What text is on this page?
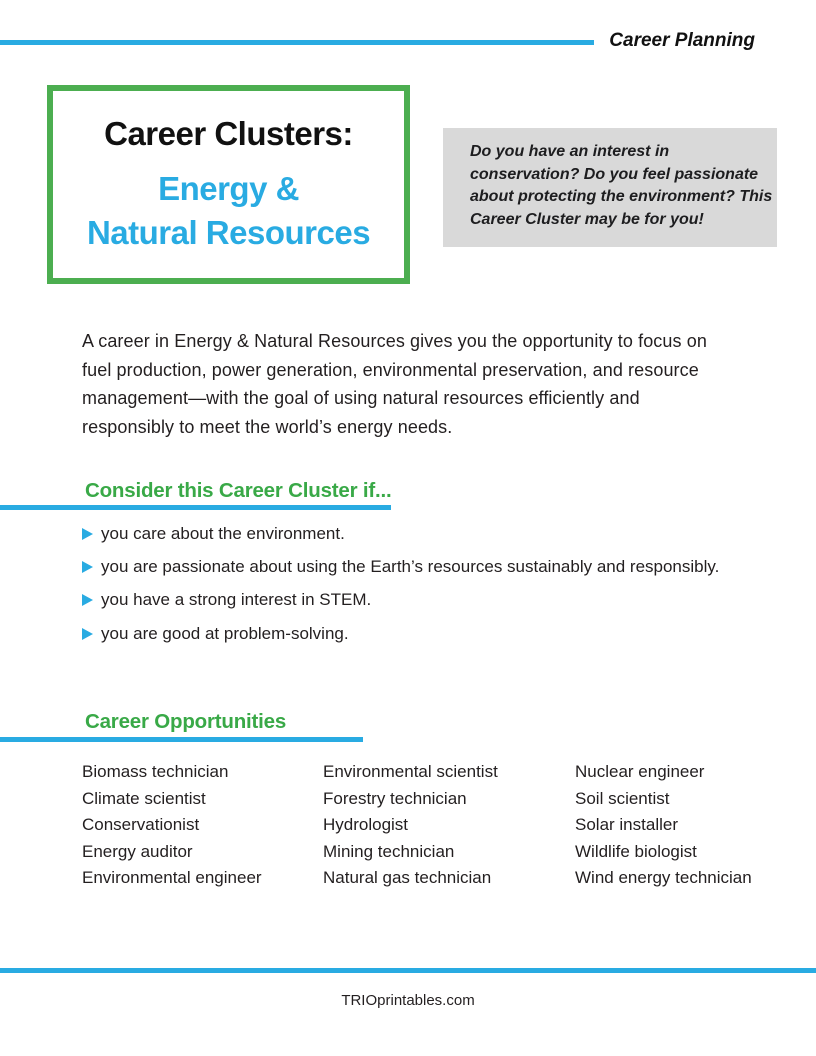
Career Planning
Career Clusters:
Energy &
Natural Resources
Do you have an interest in
conservation? Do you feel passionate
about protecting the environment? This
Career Cluster may be for you!
A career in Energy & Natural Resources gives you the opportunity to focus on
fuel production, power generation, environmental preservation, and resource
management—with the goal of using natural resources efficiently and
responsibly to meet the world’s energy needs.
Consider this Career Cluster if...
you care about the environment.
you are passionate about using the Earth’s resources sustainably and responsibly.
you have a strong interest in STEM.
you are good at problem-solving.
Career Opportunities
Biomass technician
Climate scientist
Conservationist
Energy auditor
Environmental engineer
Environmental scientist
Forestry technician
Hydrologist
Mining technician
Natural gas technician
Nuclear engineer
Soil scientist
Solar installer
Wildlife biologist
Wind energy technician
TRIOprintables.com
